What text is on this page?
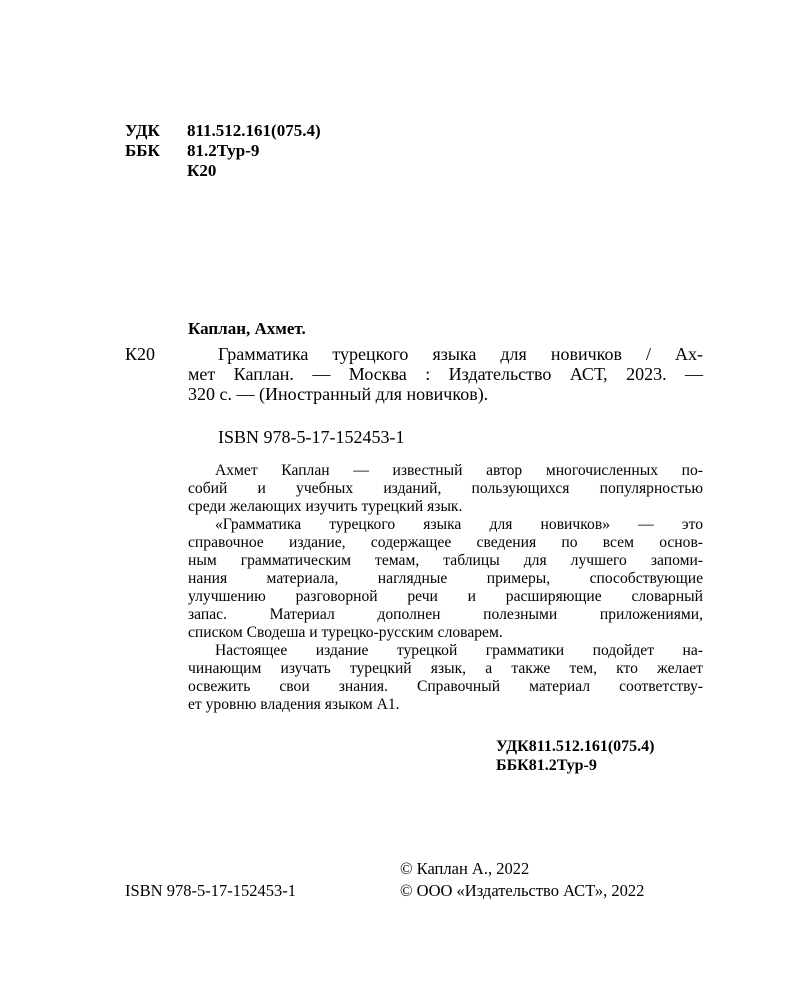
УДК 811.512.161(075.4)
ББК 81.2Тур-9
К20
Каплан, Ахмет.
К20	Грамматика турецкого языка для новичков / Ах-
мет Каплан. — Москва : Издательство АСТ, 2023. —
320 с. — (Иностранный для новичков).
ISBN 978-5-17-152453-1
Ахмет Каплан — известный автор многочисленных по-
собий и учебных изданий, пользующихся популярностью
среди желающих изучить турецкий язык.
«Грамматика турецкого языка для новичков» — это
справочное издание, содержащее сведения по всем основ-
ным грамматическим темам, таблицы для лучшего запоми-
нания материала, наглядные примеры, способствующие
улучшению разговорной речи и расширяющие словарный
запас. Материал дополнен полезными приложениями,
списком Сводеша и турецко-русским словарем.
Настоящее издание турецкой грамматики подойдет на-
чинающим изучать турецкий язык, а также тем, кто желает
освежить свои знания. Справочный материал соответству-
ет уровню владения языком А1.
УДК811.512.161(075.4)
ББК81.2Тур-9
© Каплан А., 2022
ISBN 978-5-17-152453-1	© ООО «Издательство АСТ», 2022
